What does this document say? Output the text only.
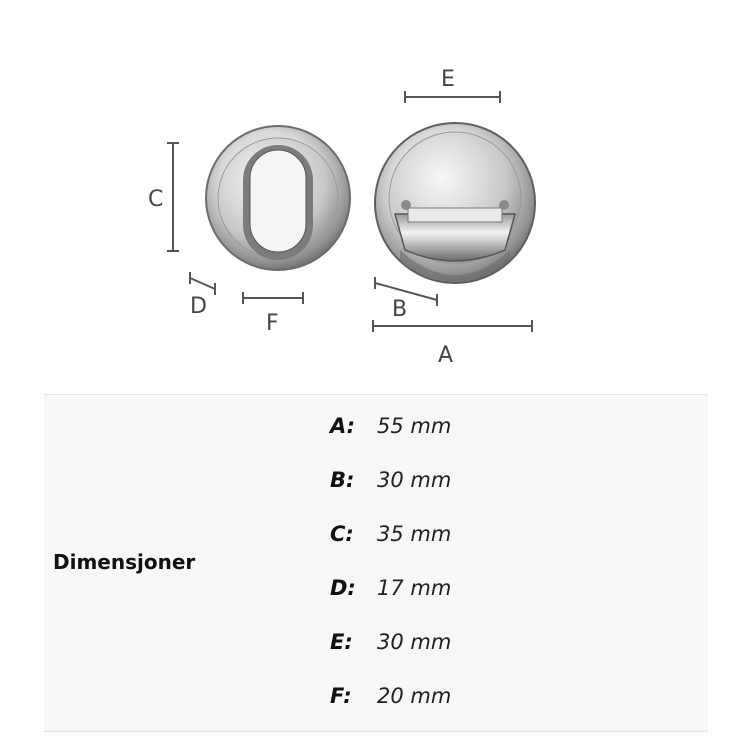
C
D
F
E
B
A
Dimensjoner
A: 55 mm
B: 30 mm
C: 35 mm
D: 17 mm
E: 30 mm
F: 20 mm
